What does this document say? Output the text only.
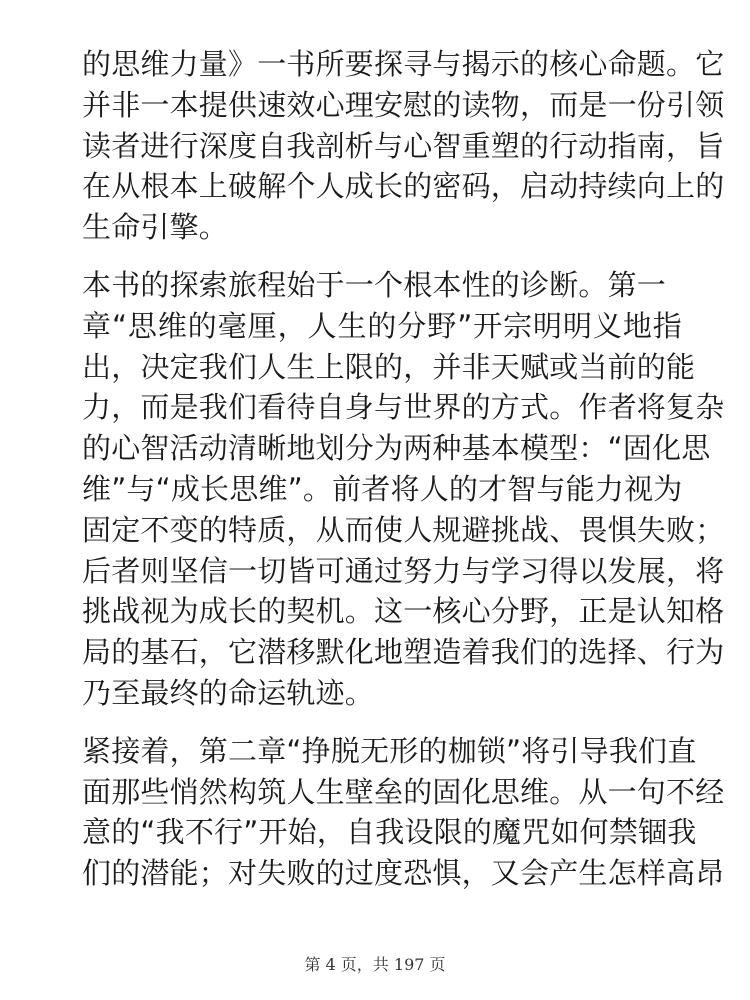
的思维力量》一书所要探寻与揭示的核心命题。它
并非一本提供速效心理安慰的读物，而是一份引领
读者进行深度自我剖析与心智重塑的行动指南，旨
在从根本上破解个人成长的密码，启动持续向上的
生命引擎。
本书的探索旅程始于一个根本性的诊断。第一
章“思维的毫厘，人生的分野”开宗明明义地指
出，决定我们人生上限的，并非天赋或当前的能
力，而是我们看待自身与世界的方式。作者将复杂
的心智活动清晰地划分为两种基本模型：“固化思
维”与“成长思维”。前者将人的才智与能力视为
固定不变的特质，从而使人规避挑战、畏惧失败；
后者则坚信一切皆可通过努力与学习得以发展，将
挑战视为成长的契机。这一核心分野，正是认知格
局的基石，它潜移默化地塑造着我们的选择、行为
乃至最终的命运轨迹。
紧接着，第二章“挣脱无形的枷锁”将引导我们直
面那些悄然构筑人生壁垒的固化思维。从一句不经
意的“我不行”开始，自我设限的魔咒如何禁锢我
们的潜能；对失败的过度恐惧，又会产生怎样高昂
第 4 页，共 197 页
